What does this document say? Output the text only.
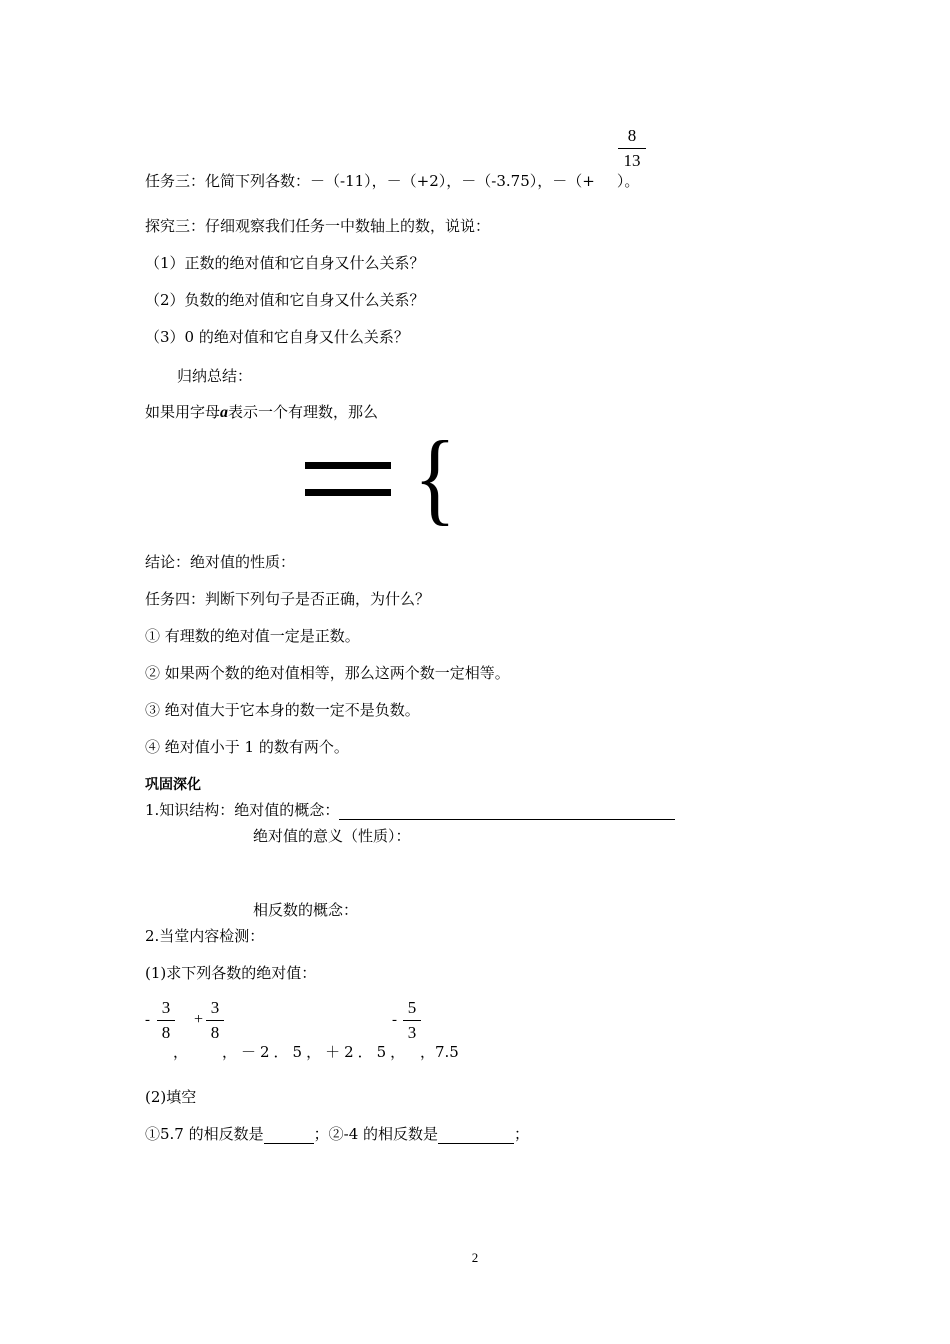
8
13
任务三：化简下列各数：－（-11），－（+2），－（-3.75），－（+ ）。
探究三：仔细观察我们任务一中数轴上的数，说说：
（1）正数的绝对值和它自身又什么关系？
（2）负数的绝对值和它自身又什么关系？
（3）0 的绝对值和它自身又什么关系？
归纳总结：
如果用字母a表示一个有理数，那么
{
结论：绝对值的性质：
任务四：判断下列句子是否正确，为什么？
① 有理数的绝对值一定是正数。
② 如果两个数的绝对值相等，那么这两个数一定相等。
③ 绝对值大于它本身的数一定不是负数。
④ 绝对值小于 1 的数有两个。
巩固深化
1.知识结构：绝对值的概念：
绝对值的意义（性质）：
相反数的概念：
2.当堂内容检测：
(1)求下列各数的绝对值：
-
3
8
+
3
8
-
5
3
， ，－2．5，＋2．5， ，7.5
(2)填空
①5.7 的相反数是	；②-4 的相反数是	；
2
